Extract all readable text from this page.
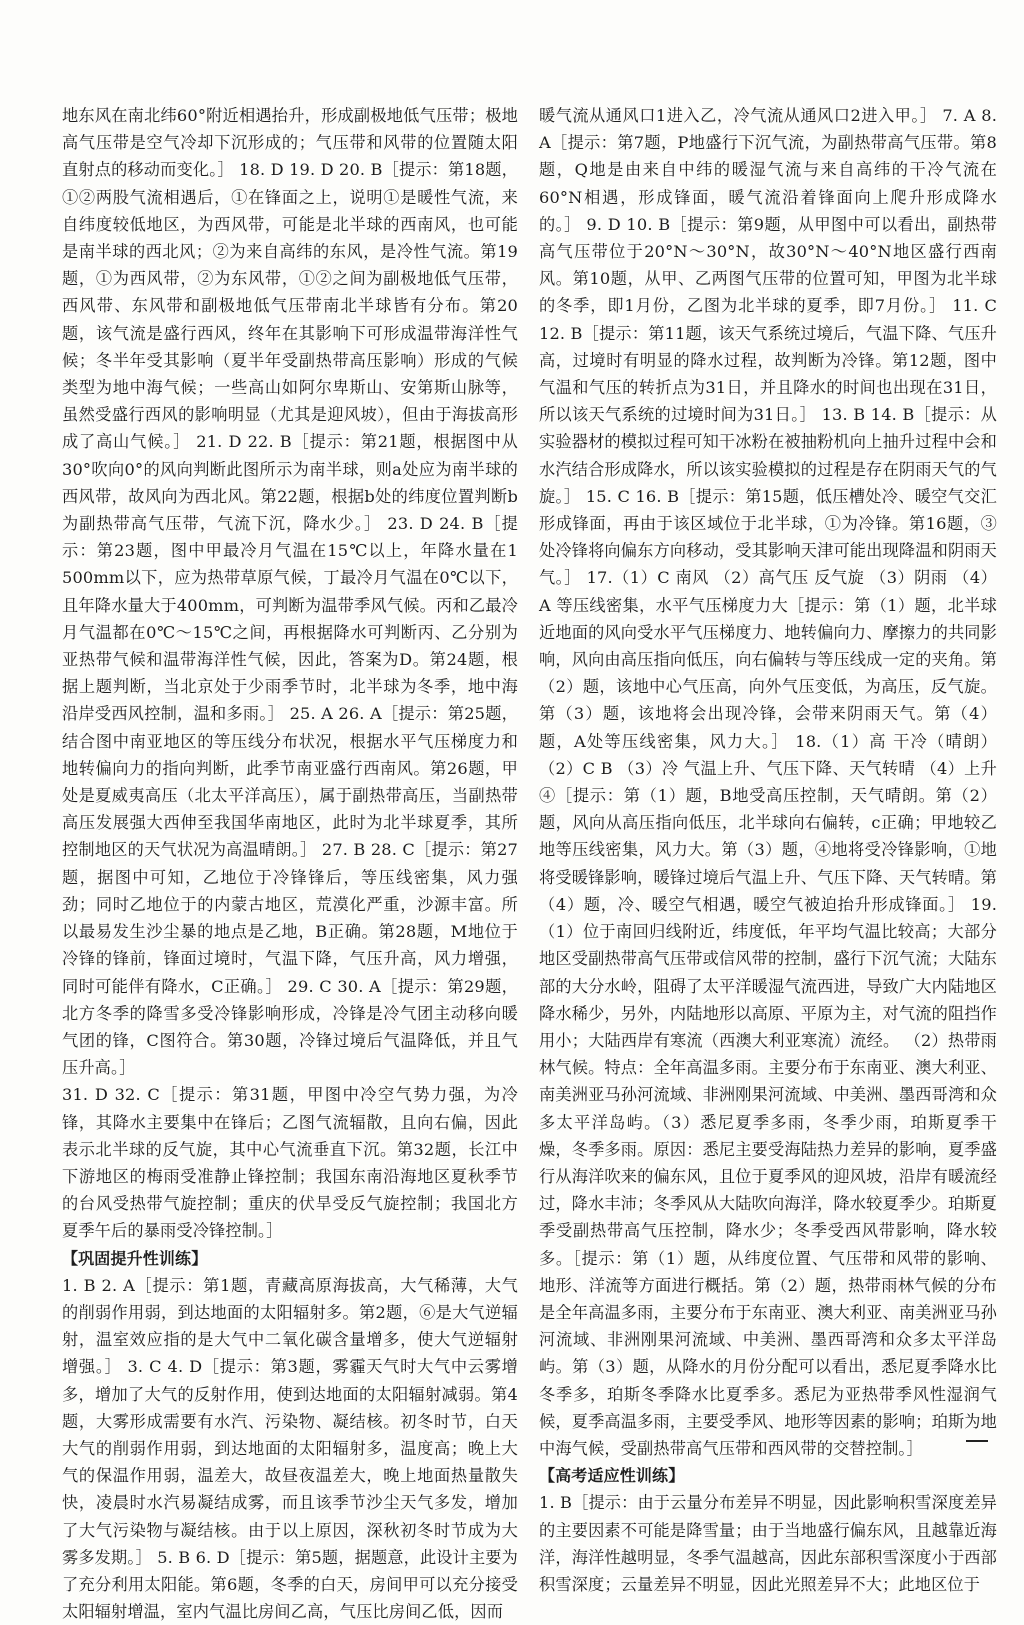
地东风在南北纬60°附近相遇抬升，形成副极地低气压带；极地高气压带是空气冷却下沉形成的；气压带和风带的位置随太阳直射点的移动而变化。］ 18. D 19. D 20. B［提示：第18题，①②两股气流相遇后，①在锋面之上，说明①是暖性气流，来自纬度较低地区，为西风带，可能是北半球的西南风，也可能是南半球的西北风；②为来自高纬的东风，是冷性气流。第19题，①为西风带，②为东风带，①②之间为副极地低气压带，西风带、东风带和副极地低气压带南北半球皆有分布。第20题，该气流是盛行西风，终年在其影响下可形成温带海洋性气候；冬半年受其影响（夏半年受副热带高压影响）形成的气候类型为地中海气候；一些高山如阿尔卑斯山、安第斯山脉等，虽然受盛行西风的影响明显（尤其是迎风坡），但由于海拔高形成了高山气候。］ 21. D 22. B［提示：第21题，根据图中从30°吹向0°的风向判断此图所示为南半球，则a处应为南半球的西风带，故风向为西北风。第22题，根据b处的纬度位置判断b为副热带高气压带，气流下沉，降水少。］ 23. D 24. B［提示：第23题，图中甲最冷月气温在15℃以上，年降水量在1 500mm以下，应为热带草原气候，丁最冷月气温在0℃以下，且年降水量大于400mm，可判断为温带季风气候。丙和乙最冷月气温都在0℃～15℃之间，再根据降水可判断丙、乙分别为亚热带气候和温带海洋性气候，因此，答案为D。第24题，根据上题判断，当北京处于少雨季节时，北半球为冬季，地中海沿岸受西风控制，温和多雨。］ 25. A 26. A［提示：第25题，结合图中南亚地区的等压线分布状况，根据水平气压梯度力和地转偏向力的指向判断，此季节南亚盛行西南风。第26题，甲处是夏威夷高压（北太平洋高压），属于副热带高压，当副热带高压发展强大西伸至我国华南地区，此时为北半球夏季，其所控制地区的天气状况为高温晴朗。］ 27. B 28. C［提示：第27题，据图中可知，乙地位于冷锋锋后，等压线密集，风力强劲；同时乙地位于的内蒙古地区，荒漠化严重，沙源丰富。所以最易发生沙尘暴的地点是乙地，B正确。第28题，M地位于冷锋的锋前，锋面过境时，气温下降，气压升高，风力增强，同时可能伴有降水，C正确。］ 29. C 30. A［提示：第29题，北方冬季的降雪多受冷锋影响形成，冷锋是冷气团主动移向暖气团的锋，C图符合。第30题，冷锋过境后气温降低，并且气压升高。］

31. D 32. C［提示：第31题，甲图中冷空气势力强，为冷锋，其降水主要集中在锋后；乙图气流辐散，且向右偏，因此表示北半球的反气旋，其中心气流垂直下沉。第32题，长江中下游地区的梅雨受准静止锋控制；我国东南沿海地区夏秋季节的台风受热带气旋控制；重庆的伏旱受反气旋控制；我国北方夏季午后的暴雨受冷锋控制。］

【巩固提升性训练】

1. B 2. A［提示：第1题，青藏高原海拔高，大气稀薄，大气的削弱作用弱，到达地面的太阳辐射多。第2题，⑥是大气逆辐射，温室效应指的是大气中二氧化碳含量增多，使大气逆辐射增强。］ 3. C 4. D［提示：第3题，雾霾天气时大气中云雾增多，增加了大气的反射作用，使到达地面的太阳辐射减弱。第4题，大雾形成需要有水汽、污染物、凝结核。初冬时节，白天大气的削弱作用弱，到达地面的太阳辐射多，温度高；晚上大气的保温作用弱，温差大，故昼夜温差大，晚上地面热量散失快，凌晨时水汽易凝结成雾，而且该季节沙尘天气多发，增加了大气污染物与凝结核。由于以上原因，深秋初冬时节成为大雾多发期。］ 5. B 6. D［提示：第5题，据题意，此设计主要为了充分利用太阳能。第6题，冬季的白天，房间甲可以充分接受太阳辐射增温，室内气温比房间乙高，气压比房间乙低，因而

暖气流从通风口1进入乙，冷气流从通风口2进入甲。］ 7. A 8. A［提示：第7题，P地盛行下沉气流，为副热带高气压带。第8题，Q地是由来自中纬的暖湿气流与来自高纬的干冷气流在60°N相遇，形成锋面，暖气流沿着锋面向上爬升形成降水的。］ 9. D 10. B［提示：第9题，从甲图中可以看出，副热带高气压带位于20°N～30°N，故30°N～40°N地区盛行西南风。第10题，从甲、乙两图气压带的位置可知，甲图为北半球的冬季，即1月份，乙图为北半球的夏季，即7月份。］ 11. C 12. B［提示：第11题，该天气系统过境后，气温下降、气压升高，过境时有明显的降水过程，故判断为冷锋。第12题，图中气温和气压的转折点为31日，并且降水的时间也出现在31日，所以该天气系统的过境时间为31日。］ 13. B 14. B［提示：从实验器材的模拟过程可知干冰粉在被抽粉机向上抽升过程中会和水汽结合形成降水，所以该实验模拟的过程是存在阴雨天气的气旋。］ 15. C 16. B［提示：第15题，低压槽处冷、暖空气交汇形成锋面，再由于该区域位于北半球，①为冷锋。第16题，③处冷锋将向偏东方向移动，受其影响天津可能出现降温和阴雨天气。］ 17.（1）C 南风 （2）高气压 反气旋 （3）阴雨 （4）A 等压线密集，水平气压梯度力大［提示：第（1）题，北半球近地面的风向受水平气压梯度力、地转偏向力、摩擦力的共同影响，风向由高压指向低压，向右偏转与等压线成一定的夹角。第（2）题，该地中心气压高，向外气压变低，为高压，反气旋。第（3）题，该地将会出现冷锋，会带来阴雨天气。第（4）题，A处等压线密集，风力大。］ 18.（1）高 干冷（晴朗） （2）C B （3）冷 气温上升、气压下降、天气转晴 （4）上升 ④［提示：第（1）题，B地受高压控制，天气晴朗。第（2）题，风向从高压指向低压，北半球向右偏转，c正确；甲地较乙地等压线密集，风力大。第（3）题，④地将受冷锋影响，①地将受暖锋影响，暖锋过境后气温上升、气压下降、天气转晴。第（4）题，冷、暖空气相遇，暖空气被迫抬升形成锋面。］ 19.（1）位于南回归线附近，纬度低，年平均气温比较高；大部分地区受副热带高气压带或信风带的控制，盛行下沉气流；大陆东部的大分水岭，阻碍了太平洋暖湿气流西进，导致广大内陆地区降水稀少，另外，内陆地形以高原、平原为主，对气流的阻挡作用小；大陆西岸有寒流（西澳大利亚寒流）流经。 （2）热带雨林气候。特点：全年高温多雨。主要分布于东南亚、澳大利亚、南美洲亚马孙河流域、非洲刚果河流域、中美洲、墨西哥湾和众多太平洋岛屿。（3）悉尼夏季多雨，冬季少雨，珀斯夏季干燥，冬季多雨。原因：悉尼主要受海陆热力差异的影响，夏季盛行从海洋吹来的偏东风，且位于夏季风的迎风坡，沿岸有暖流经过，降水丰沛；冬季风从大陆吹向海洋，降水较夏季少。珀斯夏季受副热带高气压控制，降水少；冬季受西风带影响，降水较多。［提示：第（1）题，从纬度位置、气压带和风带的影响、地形、洋流等方面进行概括。第（2）题，热带雨林气候的分布是全年高温多雨，主要分布于东南亚、澳大利亚、南美洲亚马孙河流域、非洲刚果河流域、中美洲、墨西哥湾和众多太平洋岛屿。第（3）题，从降水的月份分配可以看出，悉尼夏季降水比冬季多，珀斯冬季降水比夏季多。悉尼为亚热带季风性湿润气候，夏季高温多雨，主要受季风、地形等因素的影响；珀斯为地中海气候，受副热带高气压带和西风带的交替控制。］

【高考适应性训练】

1. B［提示：由于云量分布差异不明显，因此影响积雪深度差异的主要因素不可能是降雪量；由于当地盛行偏东风，且越靠近海洋，海洋性越明显，冬季气温越高，因此东部积雪深度小于西部积雪深度；云量差异不明显，因此光照差异不大；此地区位于
